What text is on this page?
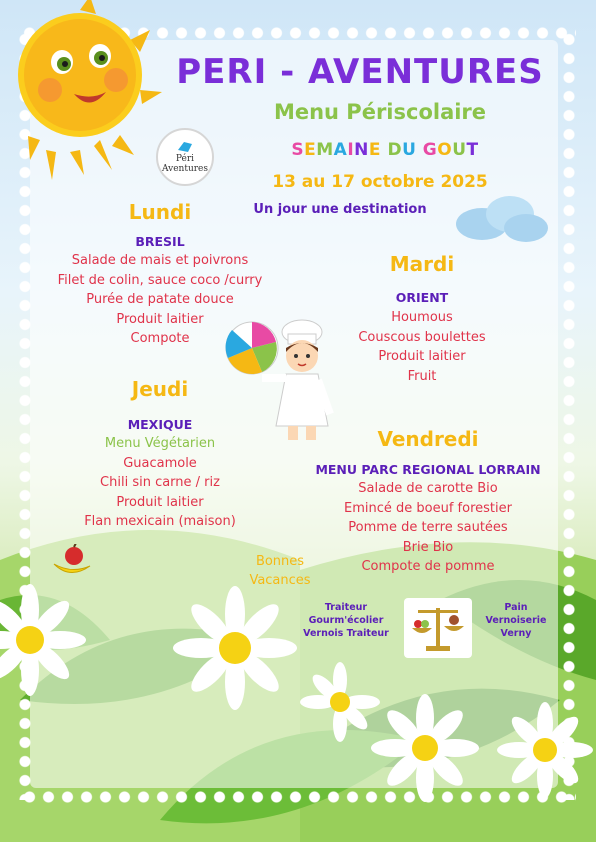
PERI - AVENTURES
Menu Périscolaire
SEMAINE DU GOUT
13 au 17 octobre 2025
Un jour une destination
Péri
Aventures
Lundi
BRESIL
Salade de mais et poivrons
Filet de colin, sauce coco /curry
Purée de patate douce
Produit laitier
Compote
Mardi
ORIENT
Houmous
Couscous boulettes
Produit laitier
Fruit
Jeudi
MEXIQUE
Menu Végétarien
Guacamole
Chili sin carne / riz
Produit laitier
Flan mexicain (maison)
Vendredi
MENU PARC REGIONAL LORRAIN
Salade de carotte Bio
Emincé de boeuf forestier
Pomme de terre sautées
Brie Bio
Compote de pomme
Bonnes
Vacances
Traiteur
Gourm'écolier
Vernois Traiteur
Pain
Vernoiserie
Verny
